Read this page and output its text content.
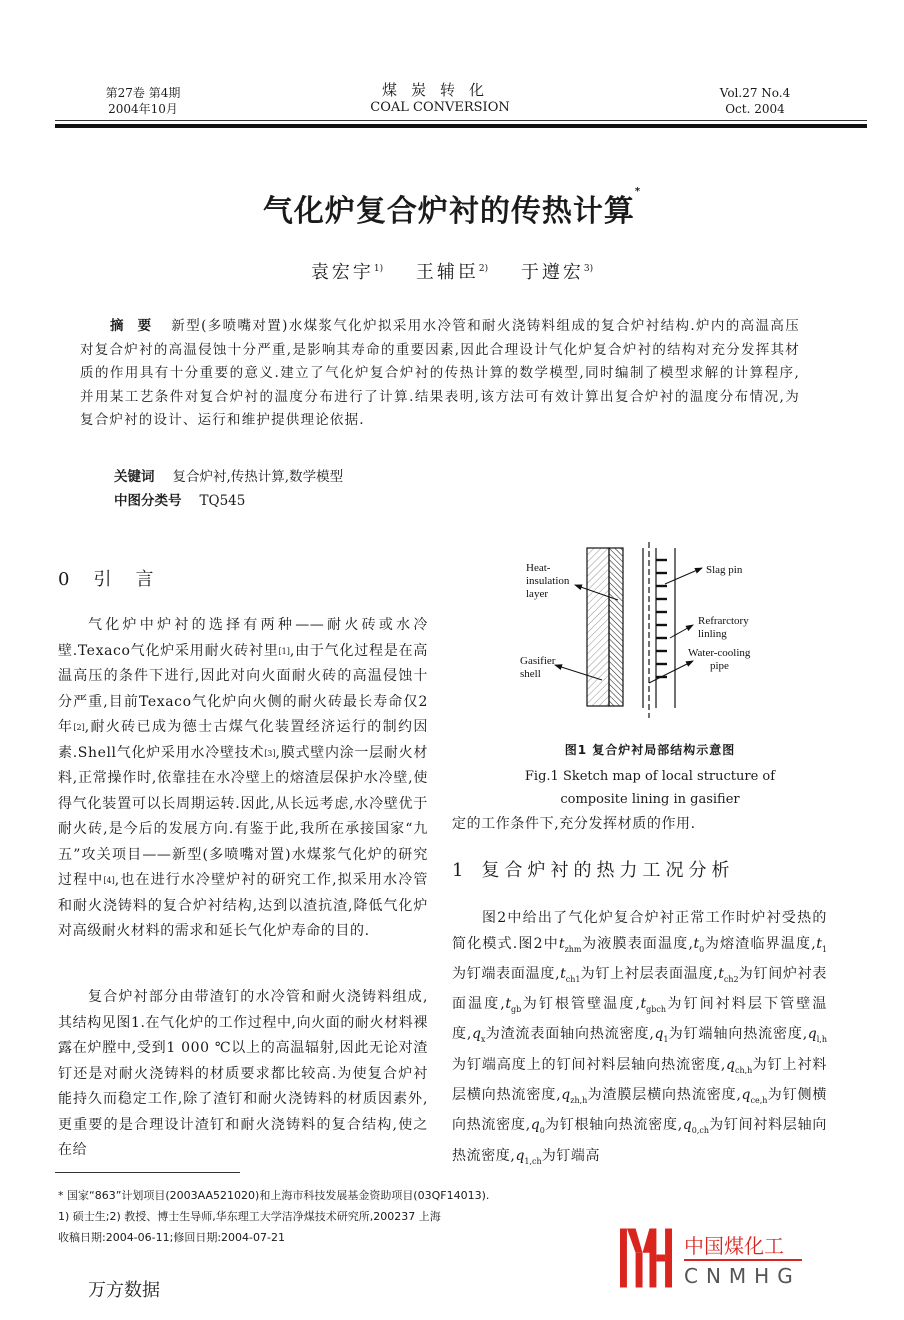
第27卷 第4期
2004年10月
煤炭转化
COAL CONVERSION
Vol.27 No.4
Oct. 2004
气化炉复合炉衬的传热计算*
袁宏宇$^{1)}$ 王辅臣$^{2)}$ 于遵宏$^{3)}$
摘要 新型(多喷嘴对置)水煤浆气化炉拟采用水冷管和耐火浇铸料组成的复合炉衬结构.炉内的高温高压对复合炉衬的高温侵蚀十分严重,是影响其寿命的重要因素,因此合理设计气化炉复合炉衬的结构对充分发挥其材质的作用具有十分重要的意义.建立了气化炉复合炉衬的传热计算的数学模型,同时编制了模型求解的计算程序,并用某工艺条件对复合炉衬的温度分布进行了计算.结果表明,该方法可有效计算出复合炉衬的温度分布情况,为复合炉衬的设计、运行和维护提供理论依据.
关键词 复合炉衬,传热计算,数学模型
中图分类号 TQ545
0 引言
气化炉中炉衬的选择有两种——耐火砖或水冷壁.Texaco气化炉采用耐火砖衬里[1],由于气化过程是在高温高压的条件下进行,因此对向火面耐火砖的高温侵蚀十分严重,目前Texaco气化炉向火侧的耐火砖最长寿命仅2年[2],耐火砖已成为德士古煤气化装置经济运行的制约因素.Shell气化炉采用水冷壁技术[3],膜式壁内涂一层耐火材料,正常操作时,依靠挂在水冷壁上的熔渣层保护水冷壁,使得气化装置可以长周期运转.因此,从长远考虑,水冷壁优于耐火砖,是今后的发展方向.有鉴于此,我所在承接国家“九五”攻关项目——新型(多喷嘴对置)水煤浆气化炉的研究过程中[4],也在进行水冷壁炉衬的研究工作,拟采用水冷管和耐火浇铸料的复合炉衬结构,达到以渣抗渣,降低气化炉对高级耐火材料的需求和延长气化炉寿命的目的.
复合炉衬部分由带渣钉的水冷管和耐火浇铸料组成,其结构见图1.在气化炉的工作过程中,向火面的耐火材料裸露在炉膛中,受到1 000 ℃以上的高温辐射,因此无论对渣钉还是对耐火浇铸料的材质要求都比较高.为使复合炉衬能持久而稳定工作,除了渣钉和耐火浇铸料的材质因素外,更重要的是合理设计渣钉和耐火浇铸料的复合结构,使之在给
Heat-insulation layer
Gasifier shell
Slag pin
Refrarctory linling
Water-cooling pipe
图1 复合炉衬局部结构示意图
Fig.1 Sketch map of local structure of
composite lining in gasifier
定的工作条件下,充分发挥材质的作用.
1 复合炉衬的热力工况分析
图2中给出了气化炉复合炉衬正常工作时炉衬受热的简化模式.图2中$t_{zhm}$为液膜表面温度$,t_0$为熔渣临界温度$,t_1$为钉端表面温度$,t_{ch1}$为钉上衬层表面温度$,t_{ch2}$为钉间炉衬表面温度$,t_{gb}$为钉根管壁温度$,t_{gbch}$为钉间衬料层下管壁温度$,q_x$为渣流表面轴向热流密度$,q_1$为钉端轴向热流密度$,q_{l,h}$为钉端高度上的钉间衬料层轴向热流密度$,q_{ch,h}$为钉上衬料层横向热流密度$,q_{zh,h}$为渣膜层横向热流密度$,q_{ce,h}$为钉侧横向热流密度$,q_0$为钉根轴向热流密度$,q_{0,ch}$为钉间衬料层轴向热流密度$,q_{1,ch}$为钉端高
* 国家“863”计划项目(2003AA521020)和上海市科技发展基金资助项目(03QF14013).
1) 硕士生;2) 教授、博士生导师,华东理工大学洁净煤技术研究所,200237 上海
收稿日期:2004-06-11;修回日期:2004-07-21
万方数据
中国煤化工
CNMHG
